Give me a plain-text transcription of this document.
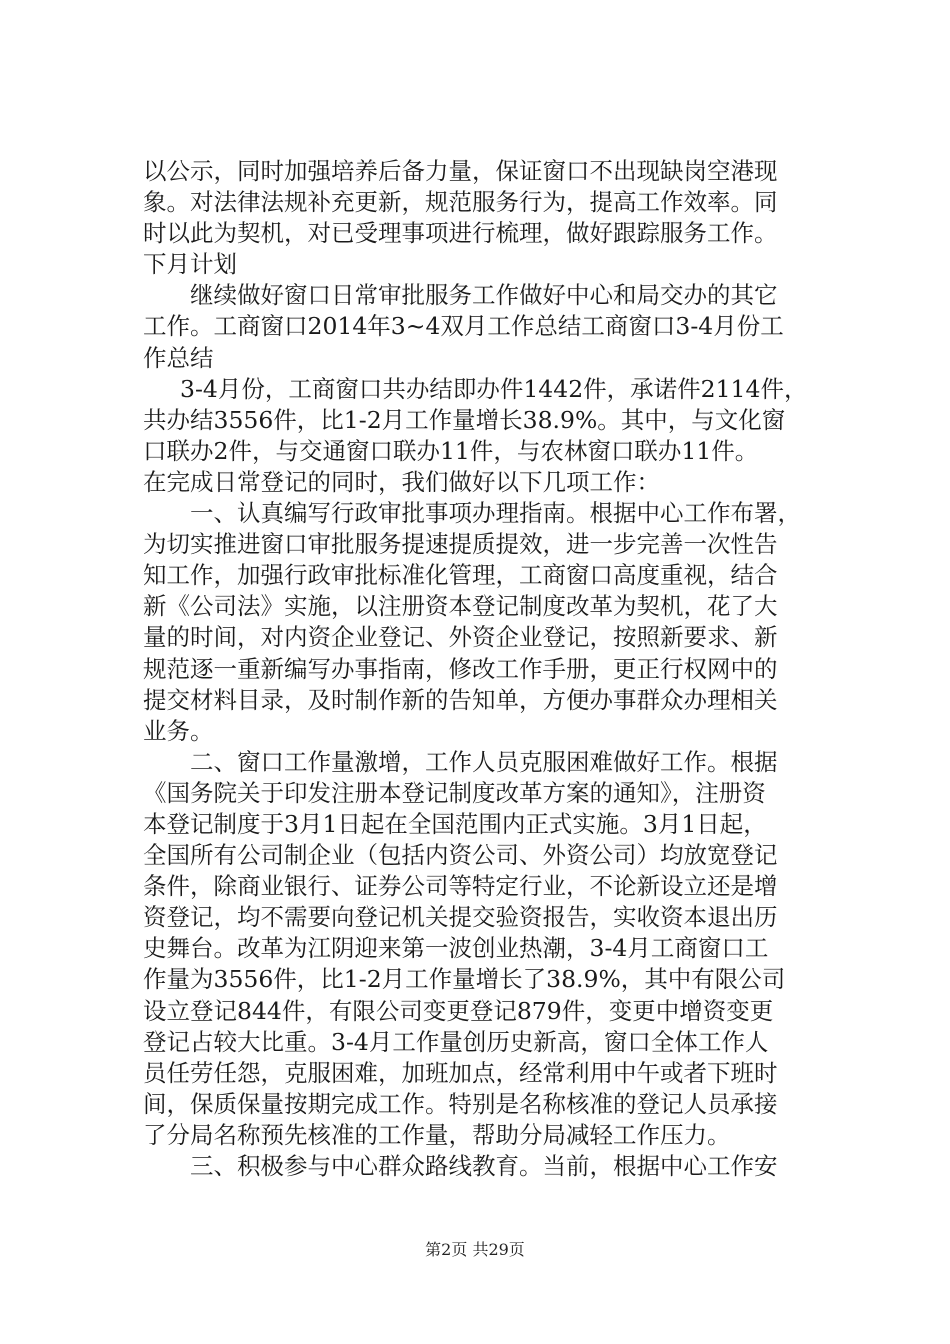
以公示，同时加强培养后备力量，保证窗口不出现缺岗空港现
象。对法律法规补充更新，规范服务行为，提高工作效率。同
时以此为契机，对已受理事项进行梳理，做好跟踪服务工作。
下月计划
继续做好窗口日常审批服务工作做好中心和局交办的其它
工作。工商窗口2014年3~4双月工作总结工商窗口3-4月份工
作总结
3-4月份，工商窗口共办结即办件1442件，承诺件2114件，
共办结3556件，比1-2月工作量增长38.9%。其中，与文化窗
口联办2件，与交通窗口联办11件，与农林窗口联办11件。
在完成日常登记的同时，我们做好以下几项工作：
一、认真编写行政审批事项办理指南。根据中心工作布署，
为切实推进窗口审批服务提速提质提效，进一步完善一次性告
知工作，加强行政审批标准化管理，工商窗口高度重视，结合
新《公司法》实施，以注册资本登记制度改革为契机，花了大
量的时间，对内资企业登记、外资企业登记，按照新要求、新
规范逐一重新编写办事指南，修改工作手册，更正行权网中的
提交材料目录，及时制作新的告知单，方便办事群众办理相关
业务。
二、窗口工作量激增，工作人员克服困难做好工作。根据
《国务院关于印发注册本登记制度改革方案的通知》，注册资
本登记制度于3月1日起在全国范围内正式实施。3月1日起，
全国所有公司制企业（包括内资公司、外资公司）均放宽登记
条件，除商业银行、证券公司等特定行业，不论新设立还是增
资登记，均不需要向登记机关提交验资报告，实收资本退出历
史舞台。改革为江阴迎来第一波创业热潮，3-4月工商窗口工
作量为3556件，比1-2月工作量增长了38.9%，其中有限公司
设立登记844件，有限公司变更登记879件，变更中增资变更
登记占较大比重。3-4月工作量创历史新高，窗口全体工作人
员任劳任怨，克服困难，加班加点，经常利用中午或者下班时
间，保质保量按期完成工作。特别是名称核准的登记人员承接
了分局名称预先核准的工作量，帮助分局减轻工作压力。
三、积极参与中心群众路线教育。当前，根据中心工作安
第2页 共29页
